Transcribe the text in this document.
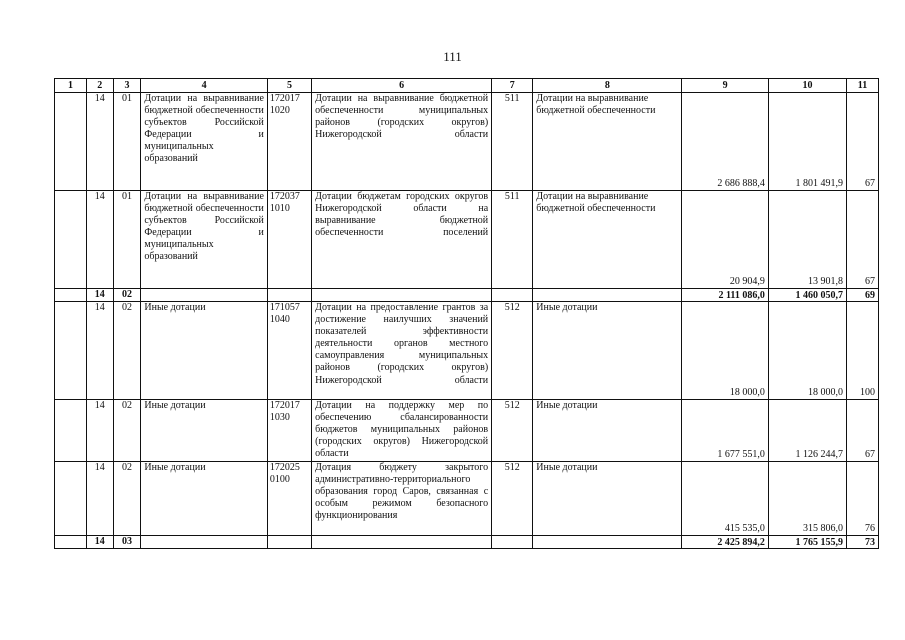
111
1	2	3	4	5	6	7	8	9	10	11
	14	01	Дотации на выравнивание бюджетной обеспеченности субъектов Российской Федерации и муниципальных образований	172017 1020	Дотации на выравнивание бюджетной обеспеченности муниципальных районов (городских округов) Нижегородской области	511	Дотации на выравнивание бюджетной обеспеченности	2 686 888,4	1 801 491,9	67
	14	01	Дотации на выравнивание бюджетной обеспеченности субъектов Российской Федерации и муниципальных образований	172037 1010	Дотации бюджетам городских округов Нижегородской области на выравнивание бюджетной обеспеченности поселений	511	Дотации на выравнивание бюджетной обеспеченности	20 904,9	13 901,8	67
	14	02						2 111 086,0	1 460 050,7	69
	14	02	Иные дотации	171057 1040	Дотации на предоставление грантов за достижение наилучших значений показателей эффективности деятельности органов местного самоуправления муниципальных районов (городских округов) Нижегородской области	512	Иные дотации	18 000,0	18 000,0	100
	14	02	Иные дотации	172017 1030	Дотации на поддержку мер по обеспечению сбалансированности бюджетов муниципальных районов (городских округов) Нижегородской области	512	Иные дотации	1 677 551,0	1 126 244,7	67
	14	02	Иные дотации	172025 0100	Дотация бюджету закрытого административно-территориального образования город Саров, связанная с особым режимом безопасного функционирования	512	Иные дотации	415 535,0	315 806,0	76
	14	03						2 425 894,2	1 765 155,9	73
